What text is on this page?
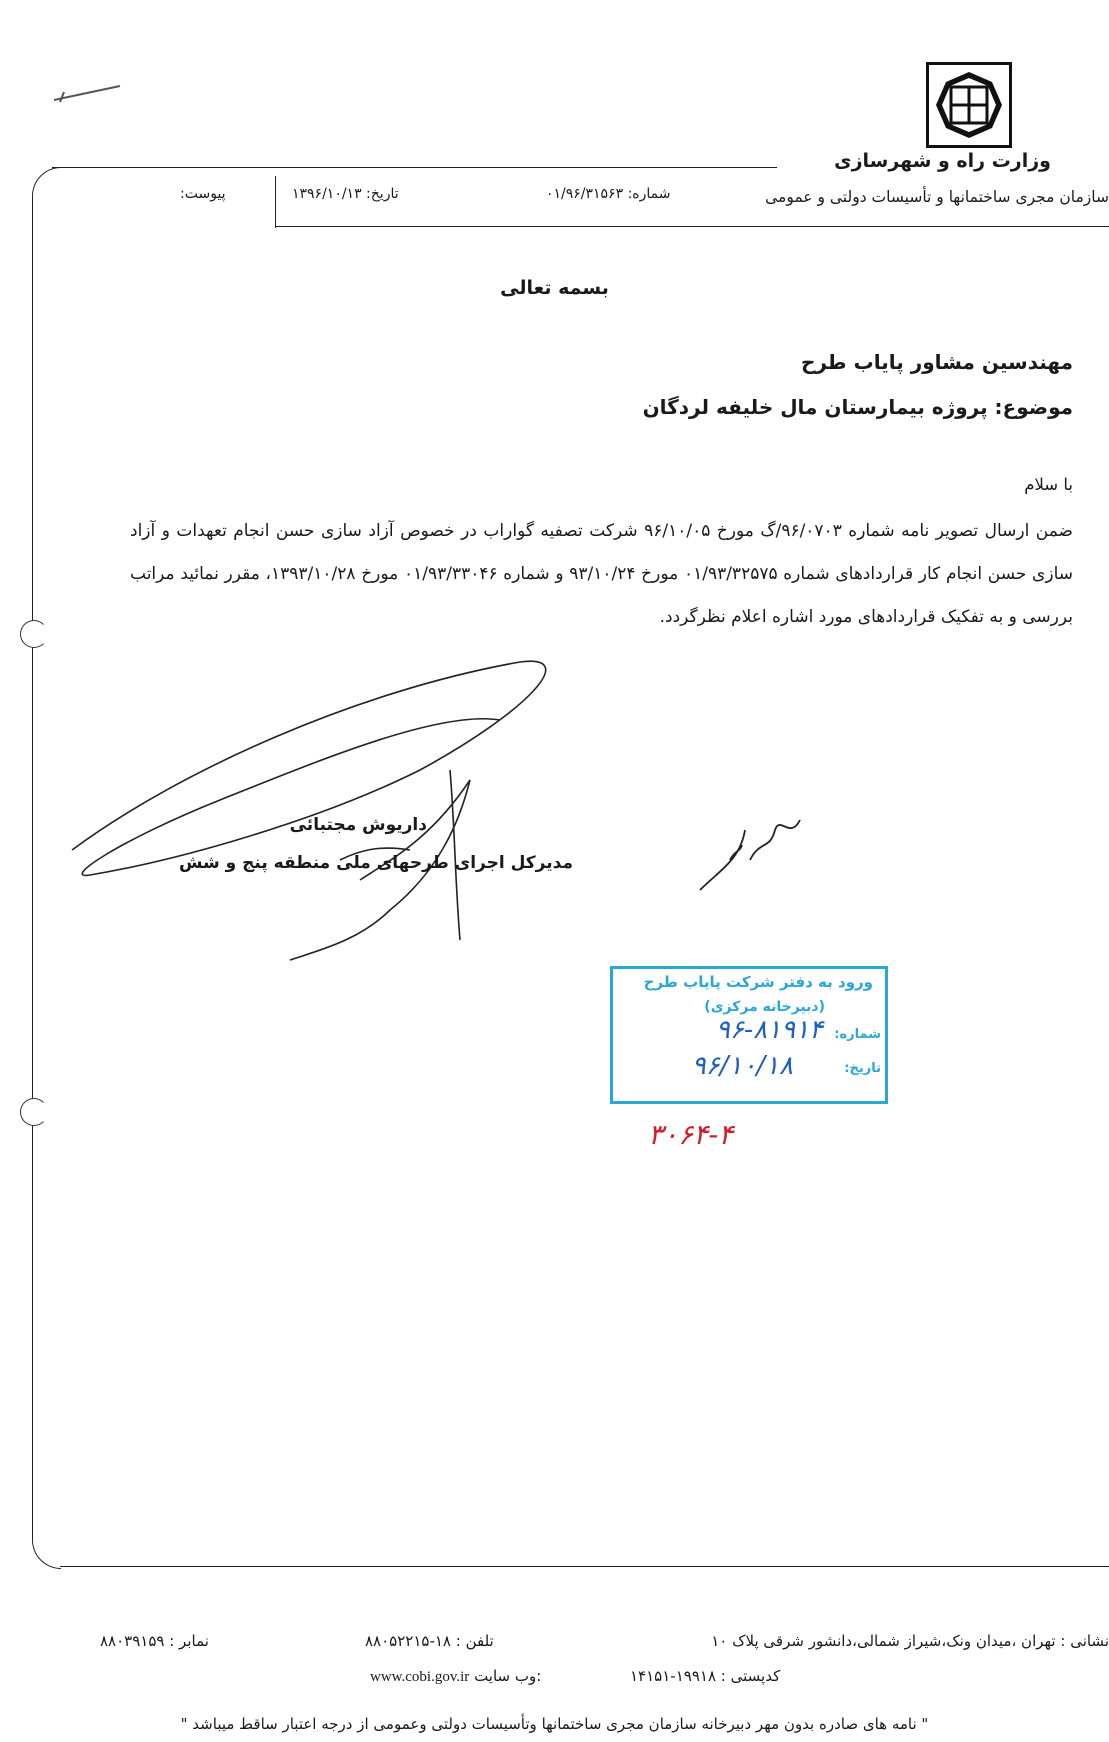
وزارت راه و شهرسازی
سازمان مجری ساختمانها و تأسیسات دولتی و عمومی
شماره: ۰۱/۹۶/۳۱۵۶۳
تاریخ: ۱۳۹۶/۱۰/۱۳
پیوست:
بسمه تعالی
مهندسین مشاور پایاب طرح
موضوع: پروژه بیمارستان مال خلیفه لردگان
با سلام
ضمن ارسال تصویر نامه شماره ۹۶/۰۷۰۳/گ مورخ ۹۶/۱۰/۰۵ شرکت تصفیه گواراب در خصوص آزاد سازی حسن انجام تعهدات و آزاد سازی حسن انجام کار قراردادهای شماره ۰۱/۹۳/۳۲۵۷۵ مورخ ۹۳/۱۰/۲۴ و شماره ۰۱/۹۳/۳۳۰۴۶ مورخ ۱۳۹۳/۱۰/۲۸، مقرر نمائید مراتب بررسی و به تفکیک قراردادهای مورد اشاره اعلام نظرگردد.
داریوش مجتبائی
مدیرکل اجرای طرحهای ملی منطقه پنج و شش
ورود به دفتر شرکت پایاب طرح
(دبیرخانه مرکزی)
شماره:
تاریخ:
۹۶-۸۱۹۱۴
۹۶/۱۰/۱۸
۳۰۶۴-۴
نشانی : تهران ،میدان ونک،شیراز شمالی،دانشور شرقی پلاک ۱۰
تلفن : ۱۸-۸۸۰۵۲۲۱۵
نمابر : ۸۸۰۳۹۱۵۹
کدپستی : ۱۹۹۱۸-۱۴۱۵۱
www.cobi.gov.ir وب سایت:
" نامه های صادره بدون مهر دبیرخانه سازمان مجری ساختمانها وتأسیسات دولتی وعمومی از درجه اعتبار ساقط میباشد "
